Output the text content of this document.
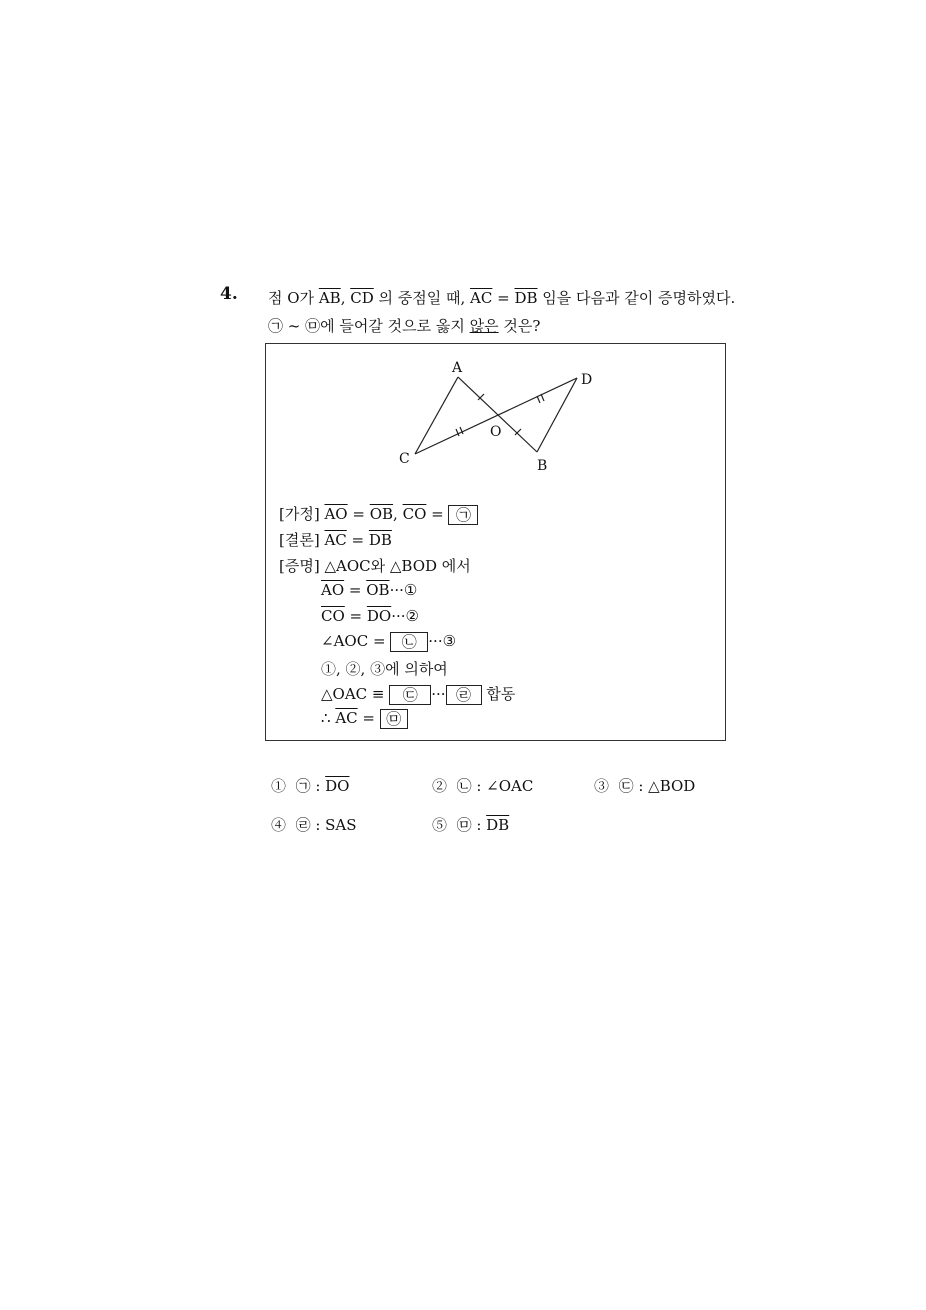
4. 점 O가 $\overline{AB}$, $\overline{CD}$ 의 중점일 때, $\overline{AC} = \overline{DB}$ 임을 다음과 같이 증명하였다.
㉠ ~ ㉤에 들어갈 것으로 옳지 않은 것은?
A
D
O
C	B
[가정] $\overline{AO} = \overline{OB}$, $\overline{CO}$ = ㉠
[결론] $\overline{AC} = \overline{DB}$
[증명] △AOC와 △BOD 에서
$\overline{AO}$ = $\overline{OB}\cdot\cdot\cdot ①$
$\overline{CO}$ = $\overline{DO}\cdot\cdot\cdot ②$
∠AOC = ㉡ ···③
①, ②, ③에 의하여
△OAC ≡ ㉢ ··· ㉣ 합동
∴ $\overline{AC}$ = ㉤
① ㉠ : $\overline{DO}$	② ㉡ : ∠OAC	③ ㉢ : △BOD
④ ㉣ : SAS	⑤ ㉤ : $\overline{DB}$
